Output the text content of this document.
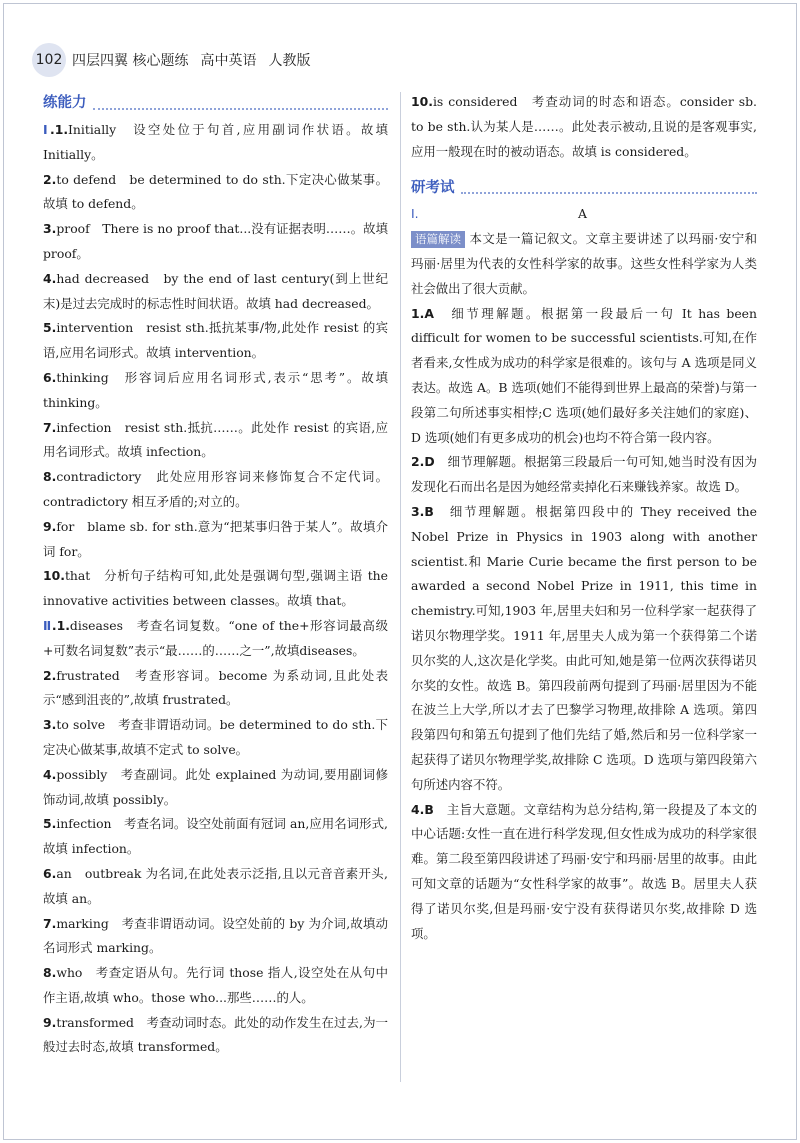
102 四层四翼 核心题练 高中英语 人教版
练能力

Ⅰ.1.Initially　设空处位于句首,应用副词作状语。故填 Initially。

2.to defend　be determined to do sth.下定决心做某事。故填 to defend。

3.proof　There is no proof that...没有证据表明……。故填 proof。

4.had decreased　by the end of last century(到上世纪末)是过去完成时的标志性时间状语。故填 had decreased。

5.intervention　resist sth.抵抗某事/物,此处作 resist 的宾语,应用名词形式。故填 intervention。

6.thinking　形容词后应用名词形式,表示“思考”。故填 thinking。

7.infection　resist sth.抵抗……。此处作 resist 的宾语,应用名词形式。故填 infection。

8.contradictory　此处应用形容词来修饰复合不定代词。contradictory 相互矛盾的;对立的。

9.for　blame sb. for sth.意为“把某事归咎于某人”。故填介词 for。

10.that　分析句子结构可知,此处是强调句型,强调主语 the innovative activities between classes。故填 that。

Ⅱ.1.diseases　考查名词复数。“one of the+形容词最高级+可数名词复数”表示“最……的……之一”,故填diseases。

2.frustrated　考查形容词。become 为系动词,且此处表示“感到沮丧的”,故填 frustrated。

3.to solve　考查非谓语动词。be determined to do sth.下定决心做某事,故填不定式 to solve。

4.possibly　考查副词。此处 explained 为动词,要用副词修饰动词,故填 possibly。

5.infection　考查名词。设空处前面有冠词 an,应用名词形式,故填 infection。

6.an　outbreak 为名词,在此处表示泛指,且以元音音素开头,故填 an。

7.marking　考查非谓语动词。设空处前的 by 为介词,故填动名词形式 marking。

8.who　考查定语从句。先行词 those 指人,设空处在从句中作主语,故填 who。those who...那些……的人。

9.transformed　考查动词时态。此处的动作发生在过去,为一般过去时态,故填 transformed。

10.is considered　考查动词的时态和语态。consider sb. to be sth.认为某人是……。此处表示被动,且说的是客观事实,应用一般现在时的被动语态。故填 is considered。

研考试
Ⅰ.	A

语篇解读 本文是一篇记叙文。文章主要讲述了以玛丽·安宁和玛丽·居里为代表的女性科学家的故事。这些女性科学家为人类社会做出了很大贡献。

1.A　细节理解题。根据第一段最后一句 It has been difficult for women to be successful scientists.可知,在作者看来,女性成为成功的科学家是很难的。该句与 A 选项是同义表达。故选 A。B 选项(她们不能得到世界上最高的荣誉)与第一段第二句所述事实相悖;C 选项(她们最好多关注她们的家庭)、D 选项(她们有更多成功的机会)也均不符合第一段内容。

2.D　细节理解题。根据第三段最后一句可知,她当时没有因为发现化石而出名是因为她经常卖掉化石来赚钱养家。故选 D。

3.B　细节理解题。根据第四段中的 They received the Nobel Prize in Physics in 1903 along with another scientist.和 Marie Curie became the first person to be awarded a second Nobel Prize in 1911, this time in chemistry.可知,1903 年,居里夫妇和另一位科学家一起获得了诺贝尔物理学奖。1911 年,居里夫人成为第一个获得第二个诺贝尔奖的人,这次是化学奖。由此可知,她是第一位两次获得诺贝尔奖的女性。故选 B。第四段前两句提到了玛丽·居里因为不能在波兰上大学,所以才去了巴黎学习物理,故排除 A 选项。第四段第四句和第五句提到了他们先结了婚,然后和另一位科学家一起获得了诺贝尔物理学奖,故排除 C 选项。D 选项与第四段第六句所述内容不符。

4.B　主旨大意题。文章结构为总分结构,第一段提及了本文的中心话题:女性一直在进行科学发现,但女性成为成功的科学家很难。第二段至第四段讲述了玛丽·安宁和玛丽·居里的故事。由此可知文章的话题为“女性科学家的故事”。故选 B。居里夫人获得了诺贝尔奖,但是玛丽·安宁没有获得诺贝尔奖,故排除 D 选项。
